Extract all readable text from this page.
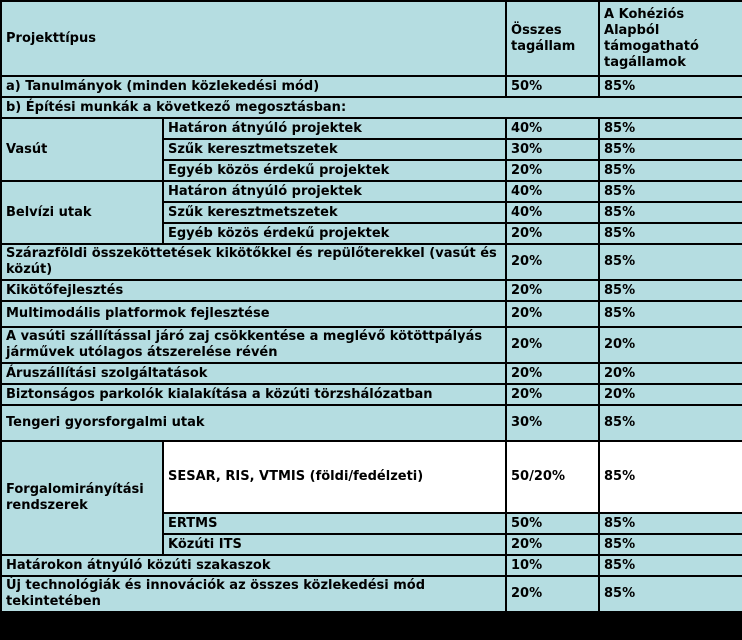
Projekttípus		Összes tagállam	A Kohéziós Alapból támogatható tagállamok
a) Tanulmányok (minden közlekedési mód)		50%	85%
b) Építési munkák a következő megosztásban:			
Vasút	Határon átnyúló projektek	40%	85%
	Szűk keresztmetszetek	30%	85%
	Egyéb közös érdekű projektek	20%	85%
Belvízi utak	Határon átnyúló projektek	40%	85%
	Szűk keresztmetszetek	40%	85%
	Egyéb közös érdekű projektek	20%	85%
Szárazföldi összeköttetések kikötőkkel és repülőterekkel (vasút és közút)		20%	85%
Kikötőfejlesztés		20%	85%
Multimodális platformok fejlesztése		20%	85%
A vasúti szállítással járó zaj csökkentése a meglévő kötöttpályás járművek utólagos átszerelése révén		20%	20%
Áruszállítási szolgáltatások		20%	20%
Biztonságos parkolók kialakítása a közúti törzshálózatban		20%	20%
Tengeri gyorsforgalmi utak		30%	85%
Forgalomirányítási rendszerek	SESAR, RIS, VTMIS (földi/fedélzeti)	50/20%	85%
	ERTMS	50%	85%
	Közúti ITS	20%	85%
Határokon átnyúló közúti szakaszok		10%	85%
Új technológiák és innovációk az összes közlekedési mód tekintetében		20%	85%
